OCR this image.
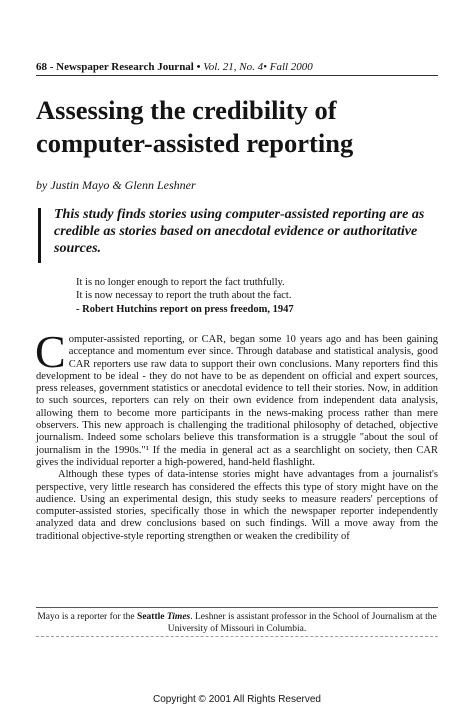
68 - Newspaper Research Journal • Vol. 21, No. 4• Fall 2000
Assessing the credibility of
computer-assisted reporting
by Justin Mayo & Glenn Leshner
This study finds stories using computer-assisted reporting are as credible as stories based on anecdotal evidence or authoritative sources.
It is no longer enough to report the fact truthfully.
It is now necessay to report the truth about the fact.
- Robert Hutchins report on press freedom, 1947

Computer-assisted reporting, or CAR, began some 10 years ago and has been gaining acceptance and momentum ever since. Through database and statistical analysis, good CAR reporters use raw data to support their own conclusions. Many reporters find this development to be ideal - they do not have to be as dependent on official and expert sources, press releases, government statistics or anecdotal evidence to tell their stories. Now, in addition to such sources, reporters can rely on their own evidence from independent data analysis, allowing them to become more participants in the news-making process rather than mere observers. This new approach is challenging the traditional philosophy of detached, objective journalism. Indeed some scholars believe this transformation is a struggle "about the soul of journalism in the 1990s."¹ If the media in general act as a searchlight on society, then CAR gives the individual reporter a high-powered, hand-held flashlight.

Although these types of data-intense stories might have advantages from a journalist's perspective, very little research has considered the effects this type of story might have on the audience. Using an experimental design, this study seeks to measure readers' perceptions of computer-assisted stories, specifically those in which the newspaper reporter independently analyzed data and drew conclusions based on such findings. Will a move away from the traditional objective-style reporting strengthen or weaken the credibility of

Mayo is a reporter for the Seattle Times. Leshner is assistant professor in the School of Journalism at the University of Missouri in Columbia.
Copyright © 2001 All Rights Reserved
